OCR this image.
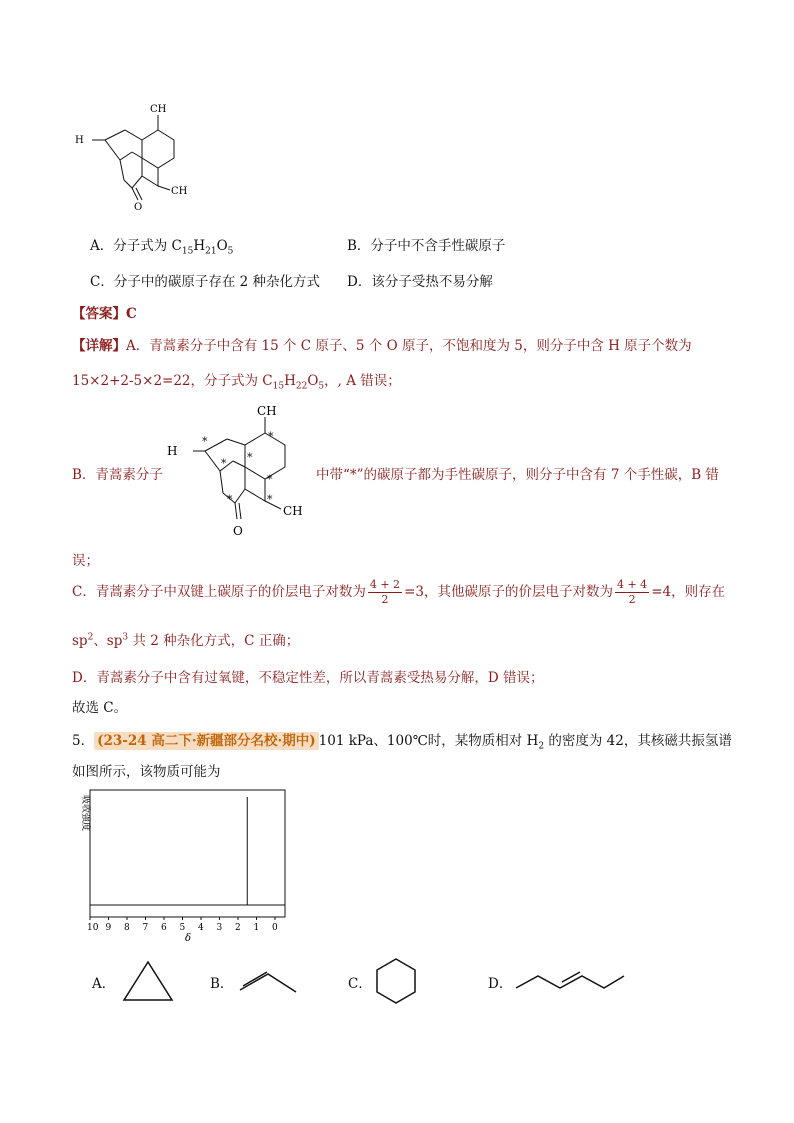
CH
H
CH
O
A．分子式为 $C_{15}H_{21}O_5$	B．分子中不含手性碳原子
C．分子中的碳原子存在 2 种杂化方式 D．该分子受热不易分解
【答案】C
【详解】A．青蒿素分子中含有 15 个 C 原子、5 个 O 原子，不饱和度为 5，则分子中含 H 原子个数为
15×2+2-5×2=22，分子式为 $C_{15}H_{22}O_5$，, A 错误；
B．青蒿素分子
CH
H
CH
O
*	*
*
*
*
*
*
中带“*”的碳原子都为手性碳原子，则分子中含有 7 个手性碳，B 错
误；
C．青蒿素分子中双键上碳原子的价层电子对数为 $\frac{4 + 2}{2} =3$，其他碳原子的价层电子对数为 $\frac{4 + 4}{2} =4$，则存在
$sp^2$、$sp^3$ 共 2 种杂化方式，C 正确；
D．青蒿素分子中含有过氧键，不稳定性差，所以青蒿素受热易分解，D 错误；
故选 C。
5． (23-24 高二下·新疆部分名校·期中) 101 kPa、100℃时，某物质相对 $H_2$ 的密度为 42，其核磁共振氢谱
如图所示，该物质可能为
吸收强度
10 9 8 7 6 5 4 3 2 1 0
δ
A．	B．	C．	D．
